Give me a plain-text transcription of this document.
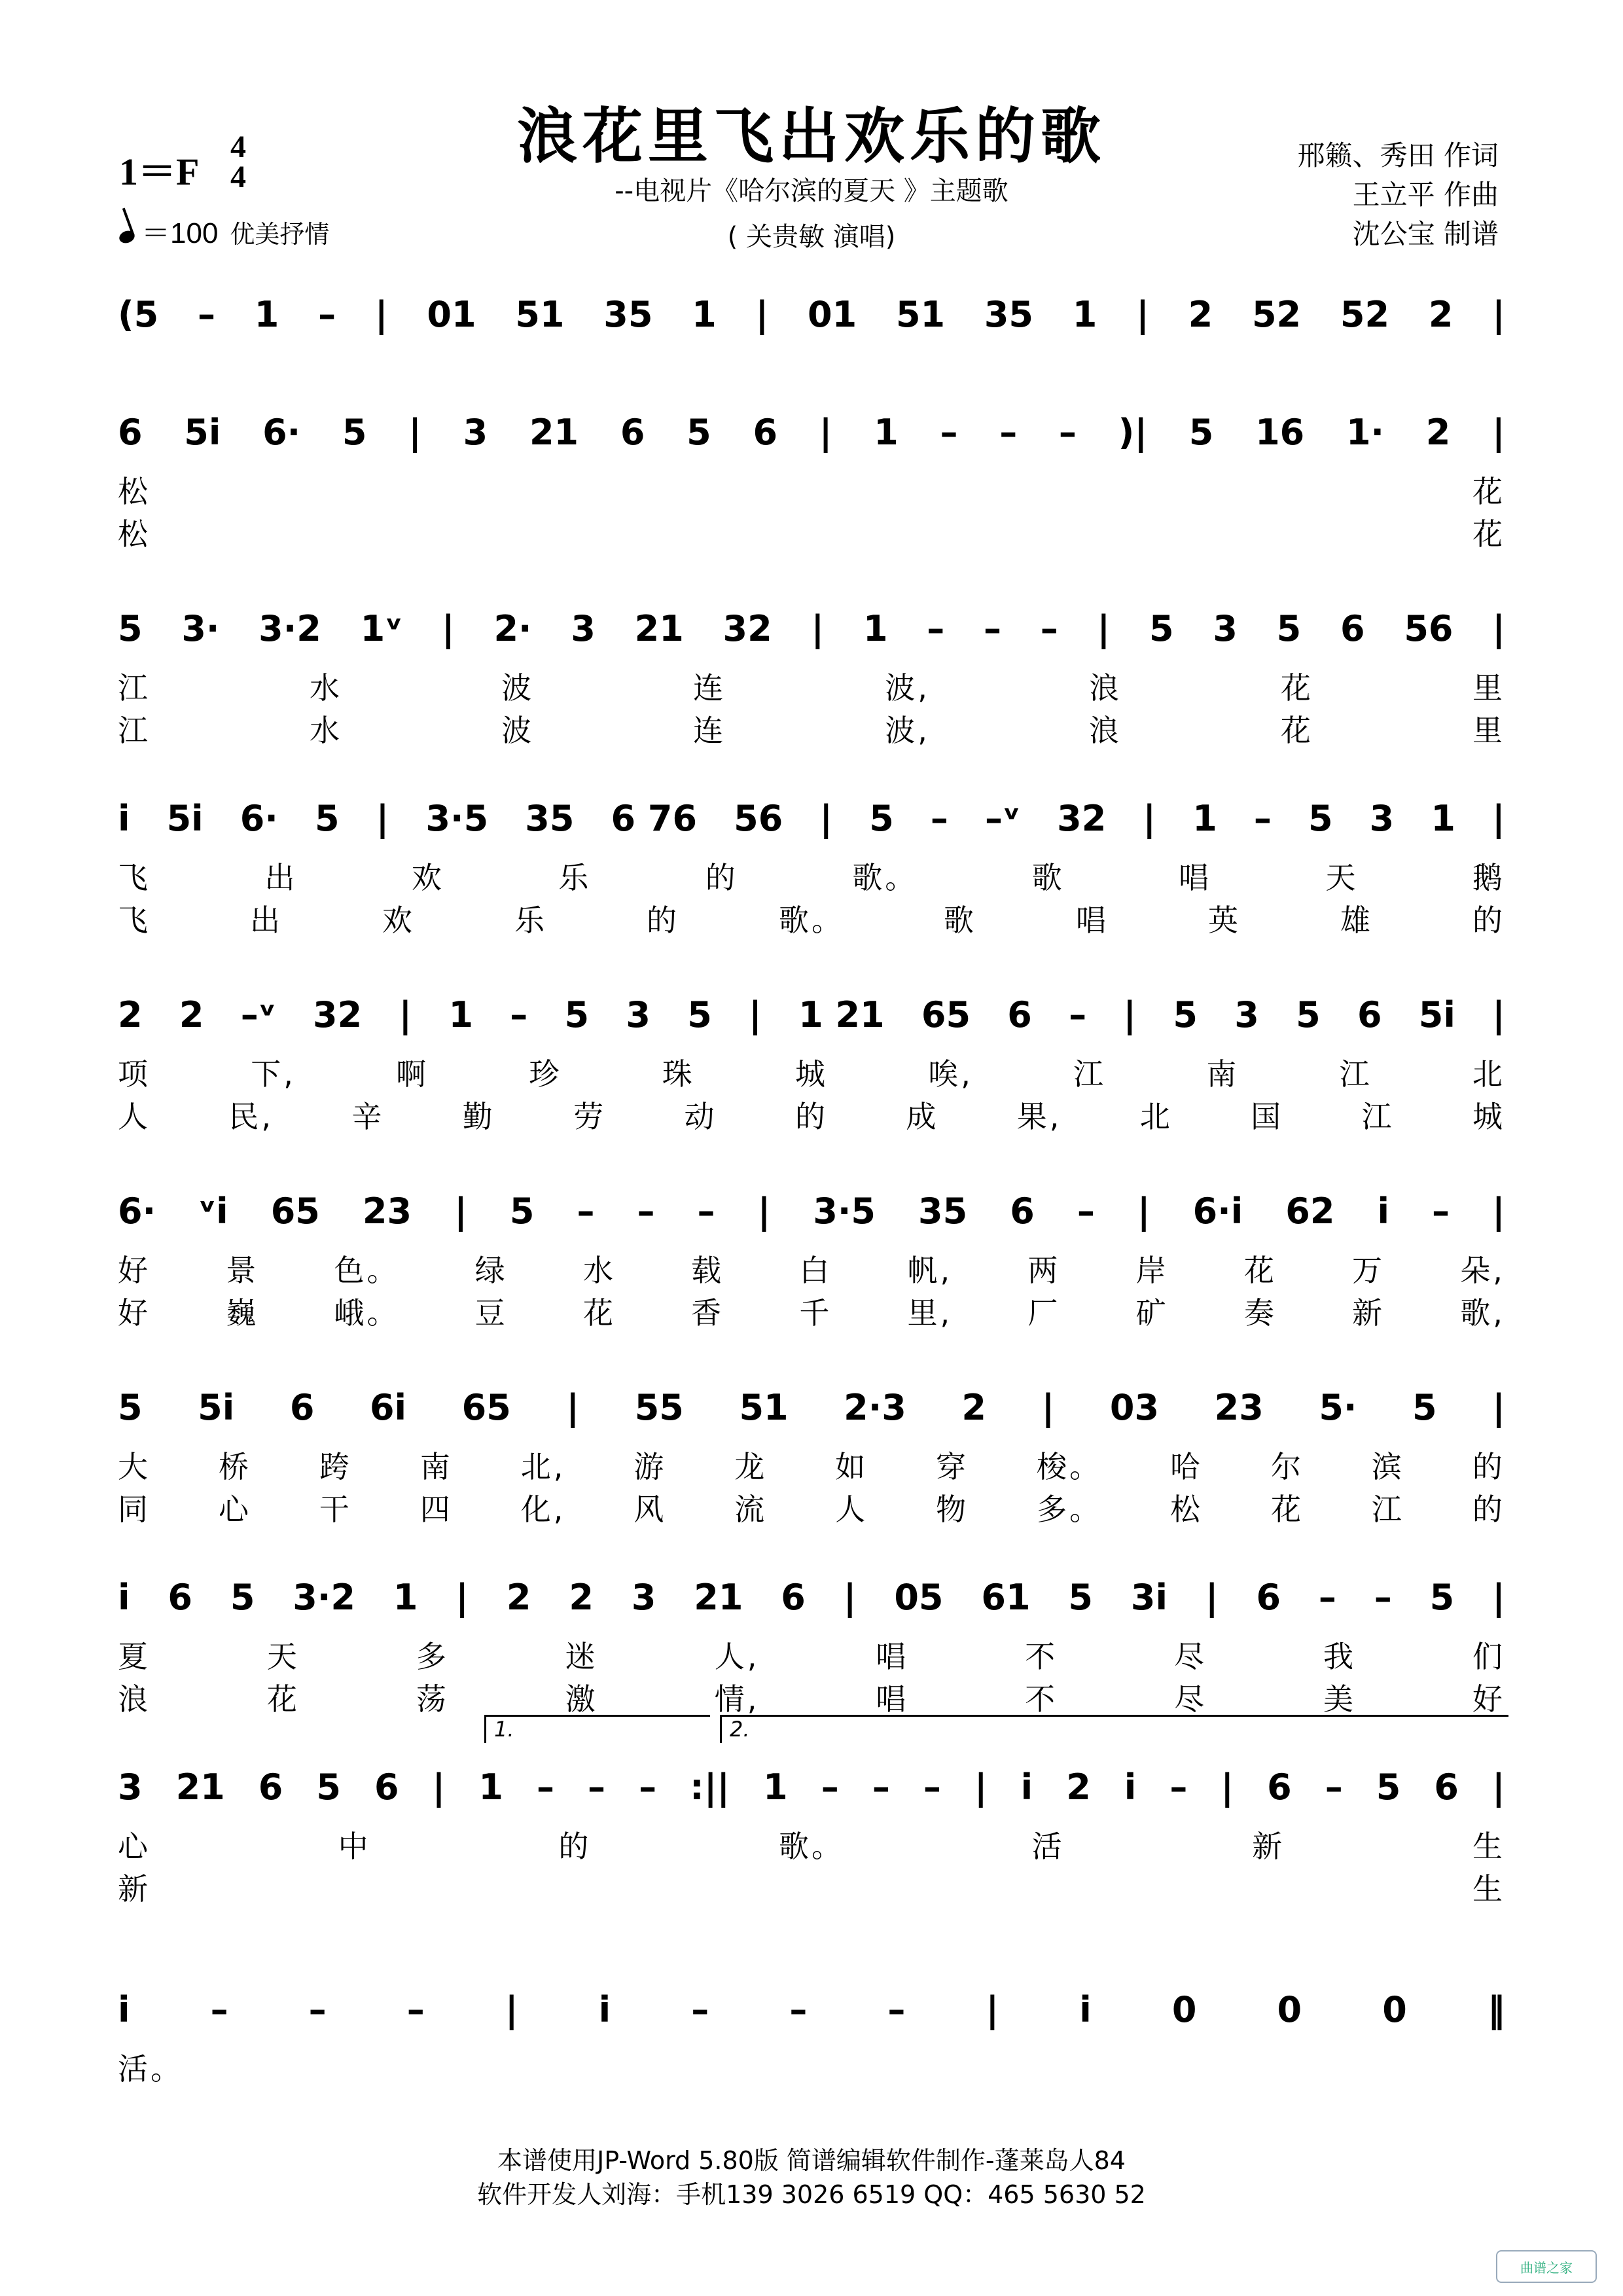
浪花里飞出欢乐的歌
--电视片《哈尔滨的夏天 》主题歌
( 关贵敏 演唱)
邢籁、秀田 作词
王立平 作曲
沈公宝 制谱
1＝F
4
4
＝100 优美抒情
(5 – 1 – | 01 51 35 1 | 01 51 35 1 | 2 52 52 2 |
6 5i 6· 5 | 3 21 6 5 6 | 1 – – – )| 5 16 1· 2 |
松	花
松	花
5 3· 3·2 1ᵛ | 2· 3 21 32 | 1 – – – | 5 3 5 6 56 |
江	水	波	连	波,	浪	花	里
江	水	波	连	波,	浪	花	里
i 5i 6· 5 | 3·5 35 6 76 56 | 5 – –ᵛ 32 | 1 – 5 3 1 |
飞	出	欢	乐	的	歌。	歌	唱	天	鹅
飞	出	欢	乐	的	歌。	歌	唱	英	雄	的
2 2 –ᵛ 32 | 1 – 5 3 5 | 1 21 65 6 – | 5 3 5 6 5i |
项	下,	啊	珍	珠	城	唉,	江	南	江	北
人	民,	辛	勤	劳	动	的	成	果,	北	国	江	城
6· ᵛi 65 23 | 5 – – – | 3·5 35 6 – | 6·i 62 i – |
好	景	色。	绿	水	载	白	帆,	两	岸	花	万	朵,
好	巍	峨。	豆	花	香	千	里,	厂	矿	奏	新	歌,
5 5i 6 6i 65 | 55 51 2·3 2 | 03 23 5· 5 |
大 桥 跨 南 北, 游 龙 如 穿 梭。 哈 尔 滨 的
同 心 干 四 化, 风 流 人 物 多。 松 花 江 的
i 6 5 3·2 1 | 2 2 3 21 6 | 05 61 5 3i | 6 – – 5 |
夏	天	多	迷	人,	唱	不	尽	我	们
浪	花	荡	激	情,	唱	不	尽	美	好
3 21 6 5 6 | 1 – – – :|| 1 – – – | i 2 i – | 6 – 5 6 |
心	中	的	歌。	活	新	生
新	生
1.	2.
i – – – | i – – – | i 0 0 0 ‖
活。
本谱使用JP-Word 5.80版 简谱编辑软件制作-蓬莱岛人84
软件开发人刘海：手机139 3026 6519 QQ：465 5630 52
曲谱之家
